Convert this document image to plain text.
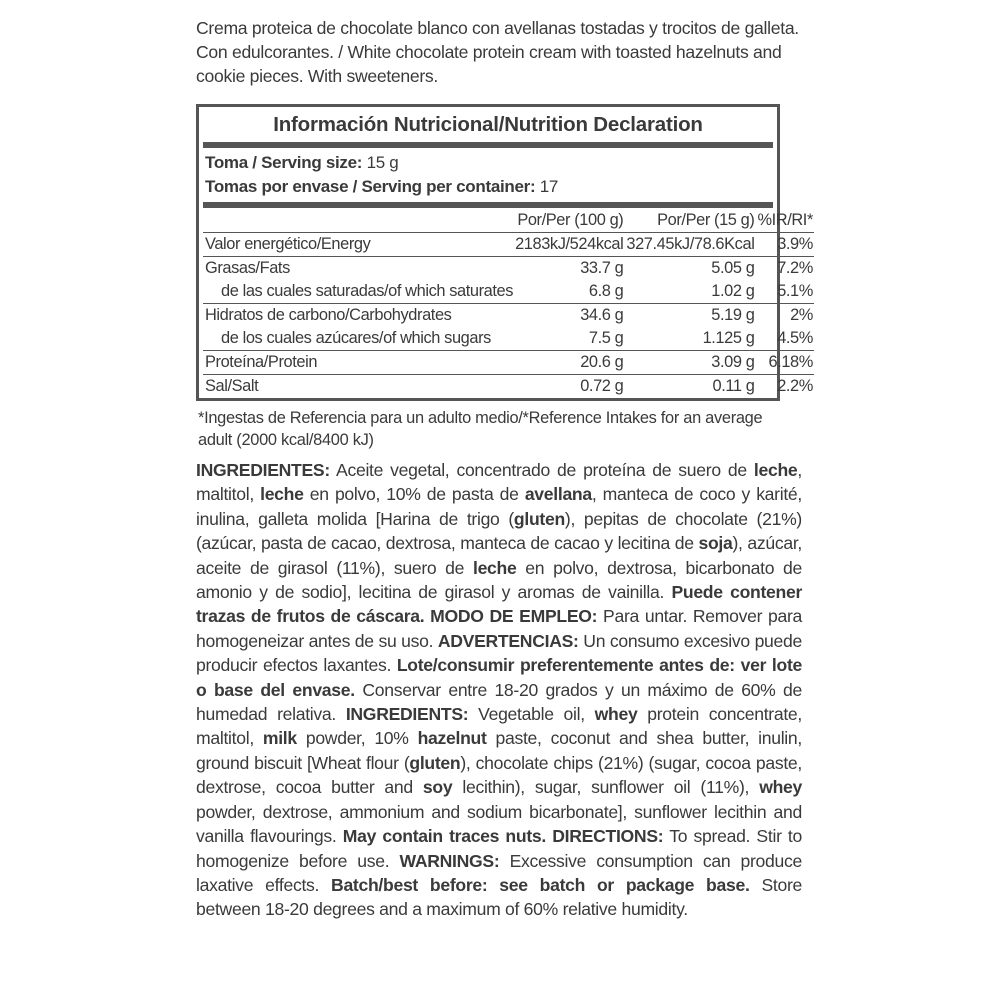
Crema proteica de chocolate blanco con avellanas tostadas y trocitos de galleta. Con edulcorantes. / White chocolate protein cream with toasted hazelnuts and cookie pieces. With sweeteners.

Información Nutricional/Nutrition Declaration
Toma / Serving size: 15 g
Tomas por envase / Serving per container: 17
	Por/Per (100 g)	Por/Per (15 g)	%IR/RI*
Valor energético/Energy	2183kJ/524kcal	327.45kJ/78.6Kcal	3.9%
Grasas/Fats	33.7 g	5.05 g	7.2%
de las cuales saturadas/of which saturates	6.8 g	1.02 g	5.1%
Hidratos de carbono/Carbohydrates	34.6 g	5.19 g	2%
de los cuales azúcares/of which sugars	7.5 g	1.125 g	4.5%
Proteína/Protein	20.6 g	3.09 g	6.18%
Sal/Salt	0.72 g	0.11 g	2.2%

*Ingestas de Referencia para un adulto medio/*Reference Intakes for an average adult (2000 kcal/8400 kJ)

INGREDIENTES: Aceite vegetal, concentrado de proteína de suero de leche, maltitol, leche en polvo, 10% de pasta de avellana, manteca de coco y karité, inulina, galleta molida [Harina de trigo (gluten), pepitas de chocolate (21%) (azúcar, pasta de cacao, dextrosa, manteca de cacao y lecitina de soja), azúcar, aceite de girasol (11%), suero de leche en polvo, dextrosa, bicarbonato de amonio y de sodio], lecitina de girasol y aromas de vainilla. Puede contener trazas de frutos de cáscara. MODO DE EMPLEO: Para untar. Remover para homogeneizar antes de su uso. ADVERTENCIAS: Un consumo excesivo puede producir efectos laxantes. Lote/consumir preferentemente antes de: ver lote o base del envase. Conservar entre 18-20 grados y un máximo de 60% de humedad relativa. INGREDIENTS: Vegetable oil, whey protein concentrate, maltitol, milk powder, 10% hazelnut paste, coconut and shea butter, inulin, ground biscuit [Wheat flour (gluten), chocolate chips (21%) (sugar, cocoa paste, dextrose, cocoa butter and soy lecithin), sugar, sunflower oil (11%), whey powder, dextrose, ammonium and sodium bicarbonate], sunflower lecithin and vanilla flavourings. May contain traces nuts. DIRECTIONS: To spread. Stir to homogenize before use. WARNINGS: Excessive consumption can produce laxative effects. Batch/best before: see batch or package base. Store between 18-20 degrees and a maximum of 60% relative humidity.
